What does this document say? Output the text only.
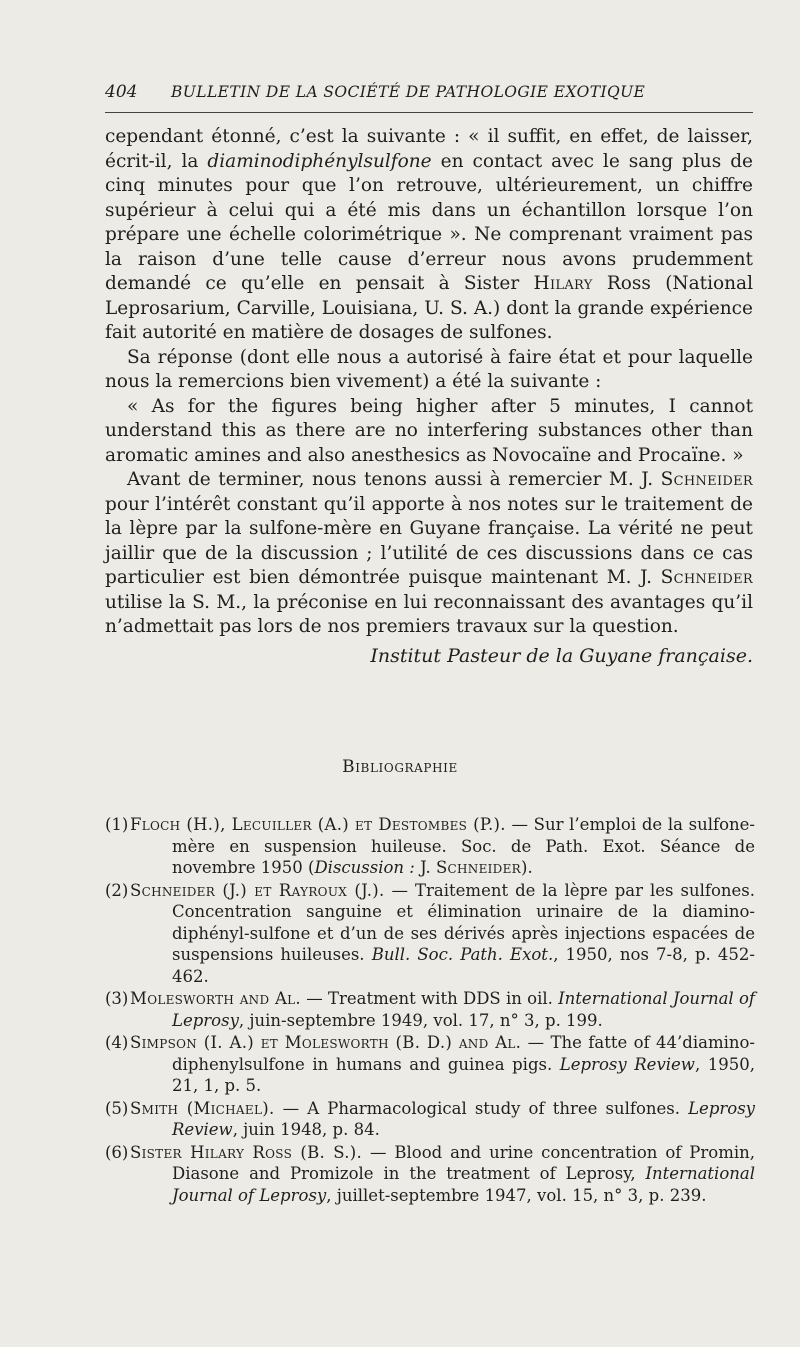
404 BULLETIN DE LA SOCIÉTÉ DE PATHOLOGIE EXOTIQUE

cependant étonné, c’est la suivante : « il suffit, en effet, de laisser, écrit-il, la diaminodiphénylsulfone en contact avec le sang plus de cinq minutes pour que l’on retrouve, ultérieurement, un chiffre supérieur à celui qui a été mis dans un échantillon lorsque l’on prépare une échelle colorimétrique ». Ne comprenant vraiment pas la raison d’une telle cause d’erreur nous avons prudemment demandé ce qu’elle en pensait à Sister Hilary Ross (National Leprosarium, Carville, Louisiana, U. S. A.) dont la grande expérience fait autorité en matière de dosages de sulfones.

Sa réponse (dont elle nous a autorisé à faire état et pour laquelle nous la remercions bien vivement) a été la suivante :

« As for the figures being higher after 5 minutes, I cannot understand this as there are no interfering substances other than aromatic amines and also anesthesics as Novocaïne and Procaïne. »

Avant de terminer, nous tenons aussi à remercier M. J. Schneider pour l’intérêt constant qu’il apporte à nos notes sur le traitement de la lèpre par la sulfone-mère en Guyane française. La vérité ne peut jaillir que de la discussion ; l’utilité de ces discussions dans ce cas particulier est bien démontrée puisque maintenant M. J. Schneider utilise la S. M., la préconise en lui reconnaissant des avantages qu’il n’admettait pas lors de nos premiers travaux sur la question.

Institut Pasteur de la Guyane française.

Bibliographie
(1) Floch (H.), Lecuiller (A.) et Destombes (P.). — Sur l’emploi de la sulfone-mère en suspension huileuse. Soc. de Path. Exot. Séance de novembre 1950 (Discussion : J. Schneider).
(2) Schneider (J.) et Rayroux (J.). — Traitement de la lèpre par les sulfones. Concentration sanguine et élimination urinaire de la diamino-diphényl-sulfone et d’un de ses dérivés après injections espacées de suspensions huileuses. Bull. Soc. Path. Exot., 1950, nos 7-8, p. 452-462.
(3) Molesworth and Al. — Treatment with DDS in oil. International Journal of Leprosy, juin-septembre 1949, vol. 17, n° 3, p. 199.
(4) Simpson (I. A.) et Molesworth (B. D.) and Al. — The fatte of 44’diamino-diphenylsulfone in humans and guinea pigs. Leprosy Review, 1950, 21, 1, p. 5.
(5) Smith (Michael). — A Pharmacological study of three sulfones. Leprosy Review, juin 1948, p. 84.
(6) Sister Hilary Ross (B. S.). — Blood and urine concentration of Promin, Diasone and Promizole in the treatment of Leprosy, International Journal of Leprosy, juillet-septembre 1947, vol. 15, n° 3, p. 239.
